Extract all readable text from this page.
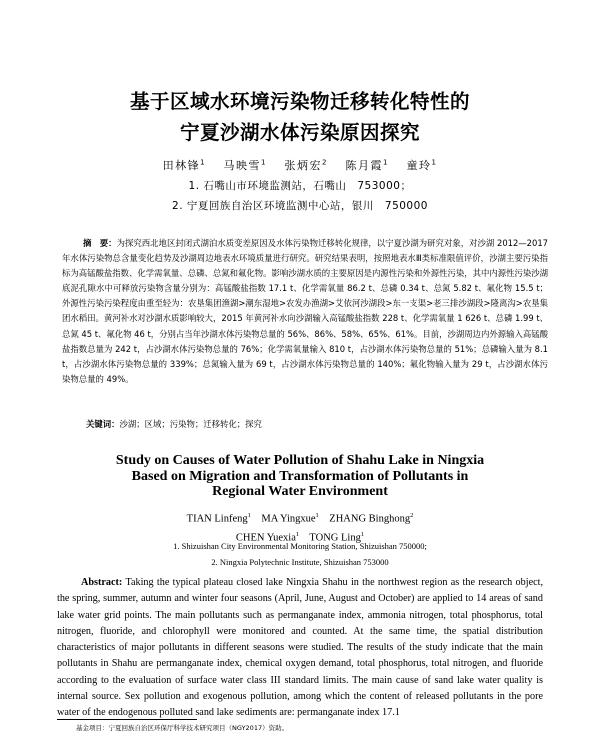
基于区域水环境污染物迁移转化特性的
宁夏沙湖水体污染原因探究
田林锋$^1$　 马映雪$^1$　 张炳宏$^2$　 陈月霞$^1$　 童玲$^1$
1. 石嘴山市环境监测站，石嘴山　753000；
2. 宁夏回族自治区环境监测中心站，银川　750000

摘　要：为探究西北地区封闭式湖泊水质变差原因及水体污染物迁移转化规律，以宁夏沙湖为研究对象，对沙湖 2012—2017 年水体污染物总含量变化趋势及沙湖周边地表水环境质量进行研究。研究结果表明，按照地表水Ⅲ类标准限值评价，沙湖主要污染指标为高锰酸盐指数、化学需氧量、总磷、总氮和氟化物。影响沙湖水质的主要原因是内源性污染和外源性污染，其中内源性污染沙湖底泥孔隙水中可释放污染物含量分别为：高锰酸盐指数 17.1 t、化学需氧量 86.2 t、总磷 0.34 t、总氮 5.82 t、氟化物 15.5 t；外源性污染污染程度由重至轻为：农垦集团渔湖>潮东湿地>农发办渔湖>艾依河沙湖段>东一支渠>老三排沙湖段>隆离沟>农垦集团水稻田。黄河补水对沙湖水质影响较大，2015 年黄河补水向沙湖输入高锰酸盐指数 228 t、化学需氧量 1 626 t、总磷 1.99 t、总氮 45 t、氟化物 46 t，分别占当年沙湖水体污染物总量的 56%、86%、58%、65%、61%。目前，沙湖周边内外源输入高锰酸盐指数总量为 242 t，占沙湖水体污染物总量的 76%；化学需氧量输入 810 t，占沙湖水体污染物总量的 51%；总磷输入量为 8.1 t，占沙湖水体污染物总量的 339%；总氮输入量为 69 t，占沙湖水体污染物总量的 140%；氟化物输入量为 29 t，占沙湖水体污染物总量的 49%。

关键词：沙湖；区域；污染物；迁移转化；探究
Study on Causes of Water Pollution of Shahu Lake in Ningxia
Based on Migration and Transformation of Pollutants in
Regional Water Environment
TIAN Linfeng$^1$ MA Yingxue$^1$ ZHANG Binghong$^2$
CHEN Yuexia$^1$ TONG Ling$^1$
1. Shizuishan City Environmental Monitoring Station, Shizuishan 750000;
2. Ningxia Polytechnic Institute, Shizuishan 753000

Abstract: Taking the typical plateau closed lake Ningxia Shahu in the northwest region as the research object, the spring, summer, autumn and winter four seasons (April, June, August and October) are applied to 14 areas of sand lake water grid points. The main pollutants such as permanganate index, ammonia nitrogen, total phosphorus, total nitrogen, fluoride, and chlorophyll were monitored and counted. At the same time, the spatial distribution characteristics of major pollutants in different seasons were studied. The results of the study indicate that the main pollutants in Shahu are permanganate index, chemical oxygen demand, total phosphorus, total nitrogen, and fluoride according to the evaluation of surface water class III standard limits. The main cause of sand lake water quality is internal source. Sex pollution and exogenous pollution, among which the content of released pollutants in the pore water of the endogenous polluted sand lake sediments are: permanganate index 17.1

基金项目：宁夏回族自治区环保厅科学技术研究项目（NGY2017）资助。
